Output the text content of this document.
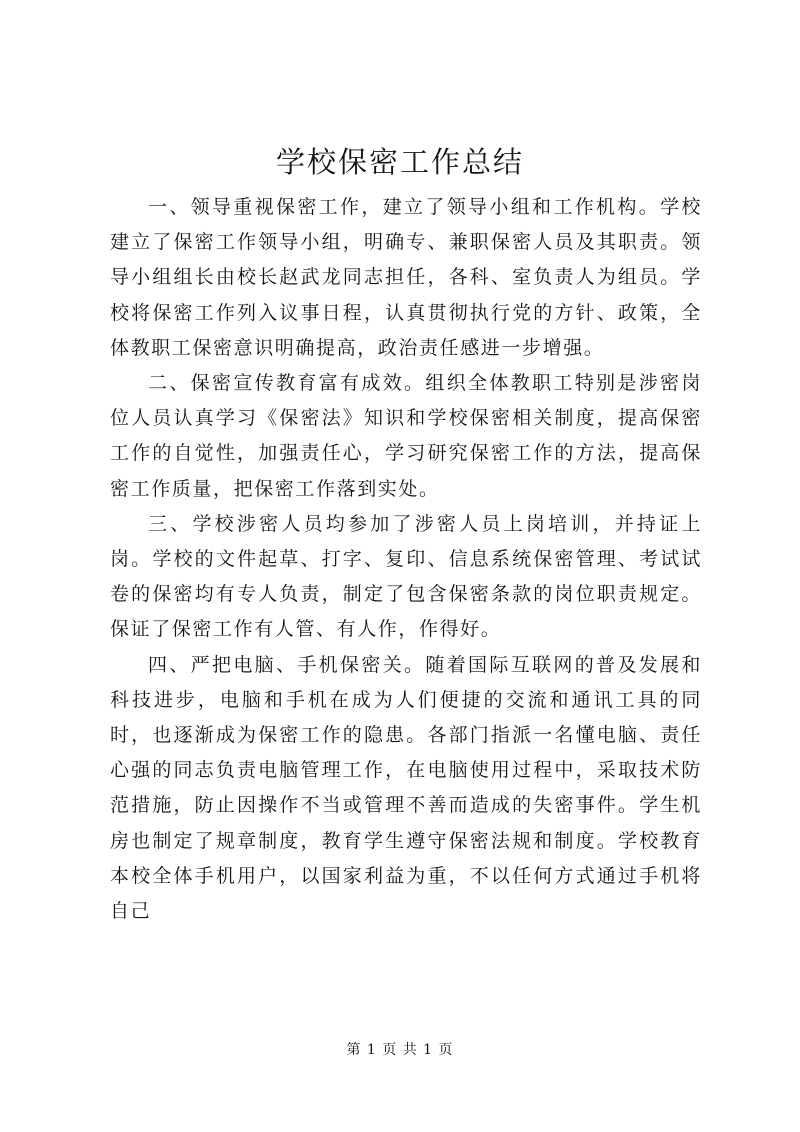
学校保密工作总结

一、领导重视保密工作，建立了领导小组和工作机构。学校建立了保密工作领导小组，明确专、兼职保密人员及其职责。领导小组组长由校长赵武龙同志担任，各科、室负责人为组员。学校将保密工作列入议事日程，认真贯彻执行党的方针、政策，全体教职工保密意识明确提高，政治责任感进一步增强。

二、保密宣传教育富有成效。组织全体教职工特别是涉密岗位人员认真学习《保密法》知识和学校保密相关制度，提高保密工作的自觉性，加强责任心，学习研究保密工作的方法，提高保密工作质量，把保密工作落到实处。

三、学校涉密人员均参加了涉密人员上岗培训，并持证上岗。学校的文件起草、打字、复印、信息系统保密管理、考试试卷的保密均有专人负责，制定了包含保密条款的岗位职责规定。保证了保密工作有人管、有人作，作得好。

四、严把电脑、手机保密关。随着国际互联网的普及发展和科技进步，电脑和手机在成为人们便捷的交流和通讯工具的同时，也逐渐成为保密工作的隐患。各部门指派一名懂电脑、责任心强的同志负责电脑管理工作，在电脑使用过程中，采取技术防范措施，防止因操作不当或管理不善而造成的失密事件。学生机房也制定了规章制度，教育学生遵守保密法规和制度。学校教育本校全体手机用户，以国家利益为重，不以任何方式通过手机将自己

第 1 页 共 1 页
